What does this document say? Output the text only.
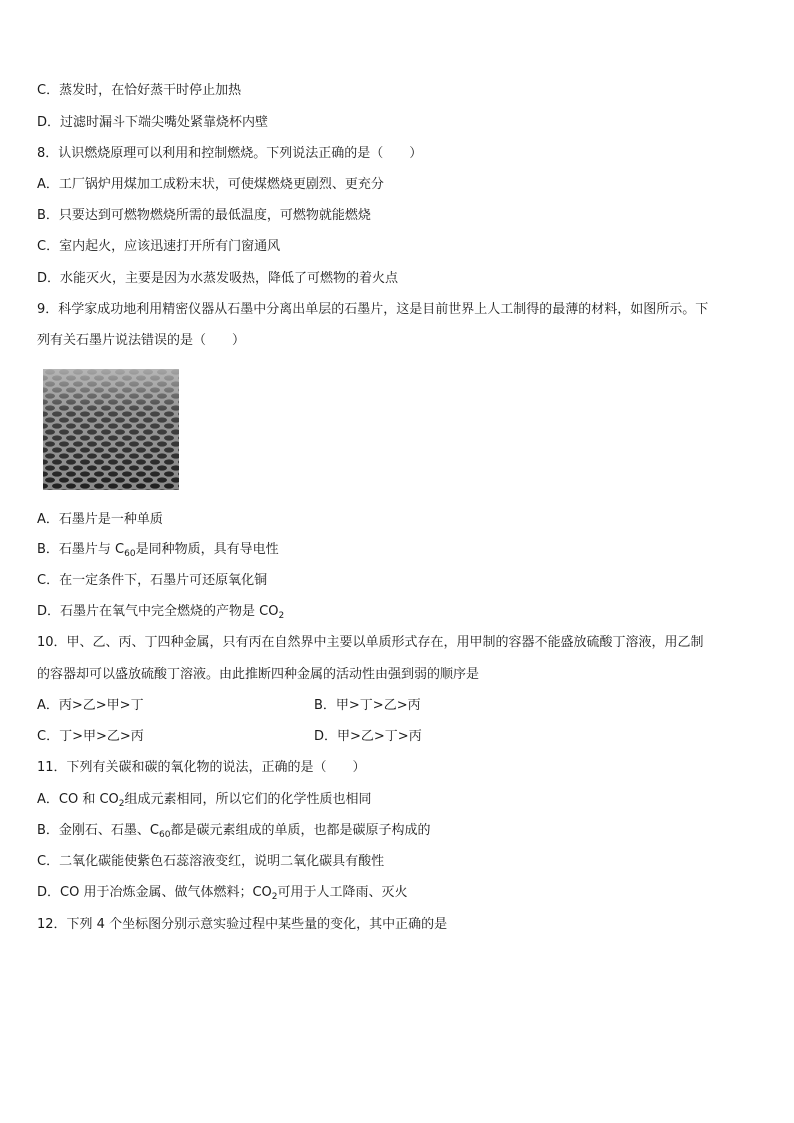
C．蒸发时，在恰好蒸干时停止加热
D．过滤时漏斗下端尖嘴处紧靠烧杯内壁
8．认识燃烧原理可以利用和控制燃烧。下列说法正确的是（　　）
A．工厂锅炉用煤加工成粉末状，可使煤燃烧更剧烈、更充分
B．只要达到可燃物燃烧所需的最低温度，可燃物就能燃烧
C．室内起火，应该迅速打开所有门窗通风
D．水能灭火，主要是因为水蒸发吸热，降低了可燃物的着火点
9．科学家成功地利用精密仪器从石墨中分离出单层的石墨片，这是目前世界上人工制得的最薄的材料，如图所示。下
列有关石墨片说法错误的是（　　）
A．石墨片是一种单质
B．石墨片与 $C_{60}$是同种物质，具有导电性
C．在一定条件下，石墨片可还原氧化铜
D．石墨片在氧气中完全燃烧的产物是 $CO_2$
10．甲、乙、丙、丁四种金属，只有丙在自然界中主要以单质形式存在，用甲制的容器不能盛放硫酸丁溶液，用乙制
的容器却可以盛放硫酸丁溶液。由此推断四种金属的活动性由强到弱的顺序是
A．丙>乙>甲>丁	B．甲>丁>乙>丙
C．丁>甲>乙>丙	D．甲>乙>丁>丙
11．下列有关碳和碳的氧化物的说法，正确的是（　　）
A．CO 和 $CO_2$组成元素相同，所以它们的化学性质也相同
B．金刚石、石墨、$C_{60}$都是碳元素组成的单质，也都是碳原子构成的
C．二氧化碳能使紫色石蕊溶液变红，说明二氧化碳具有酸性
D．CO 用于冶炼金属、做气体燃料；$CO_2$可用于人工降雨、灭火
12．下列 4 个坐标图分别示意实验过程中某些量的变化，其中正确的是
